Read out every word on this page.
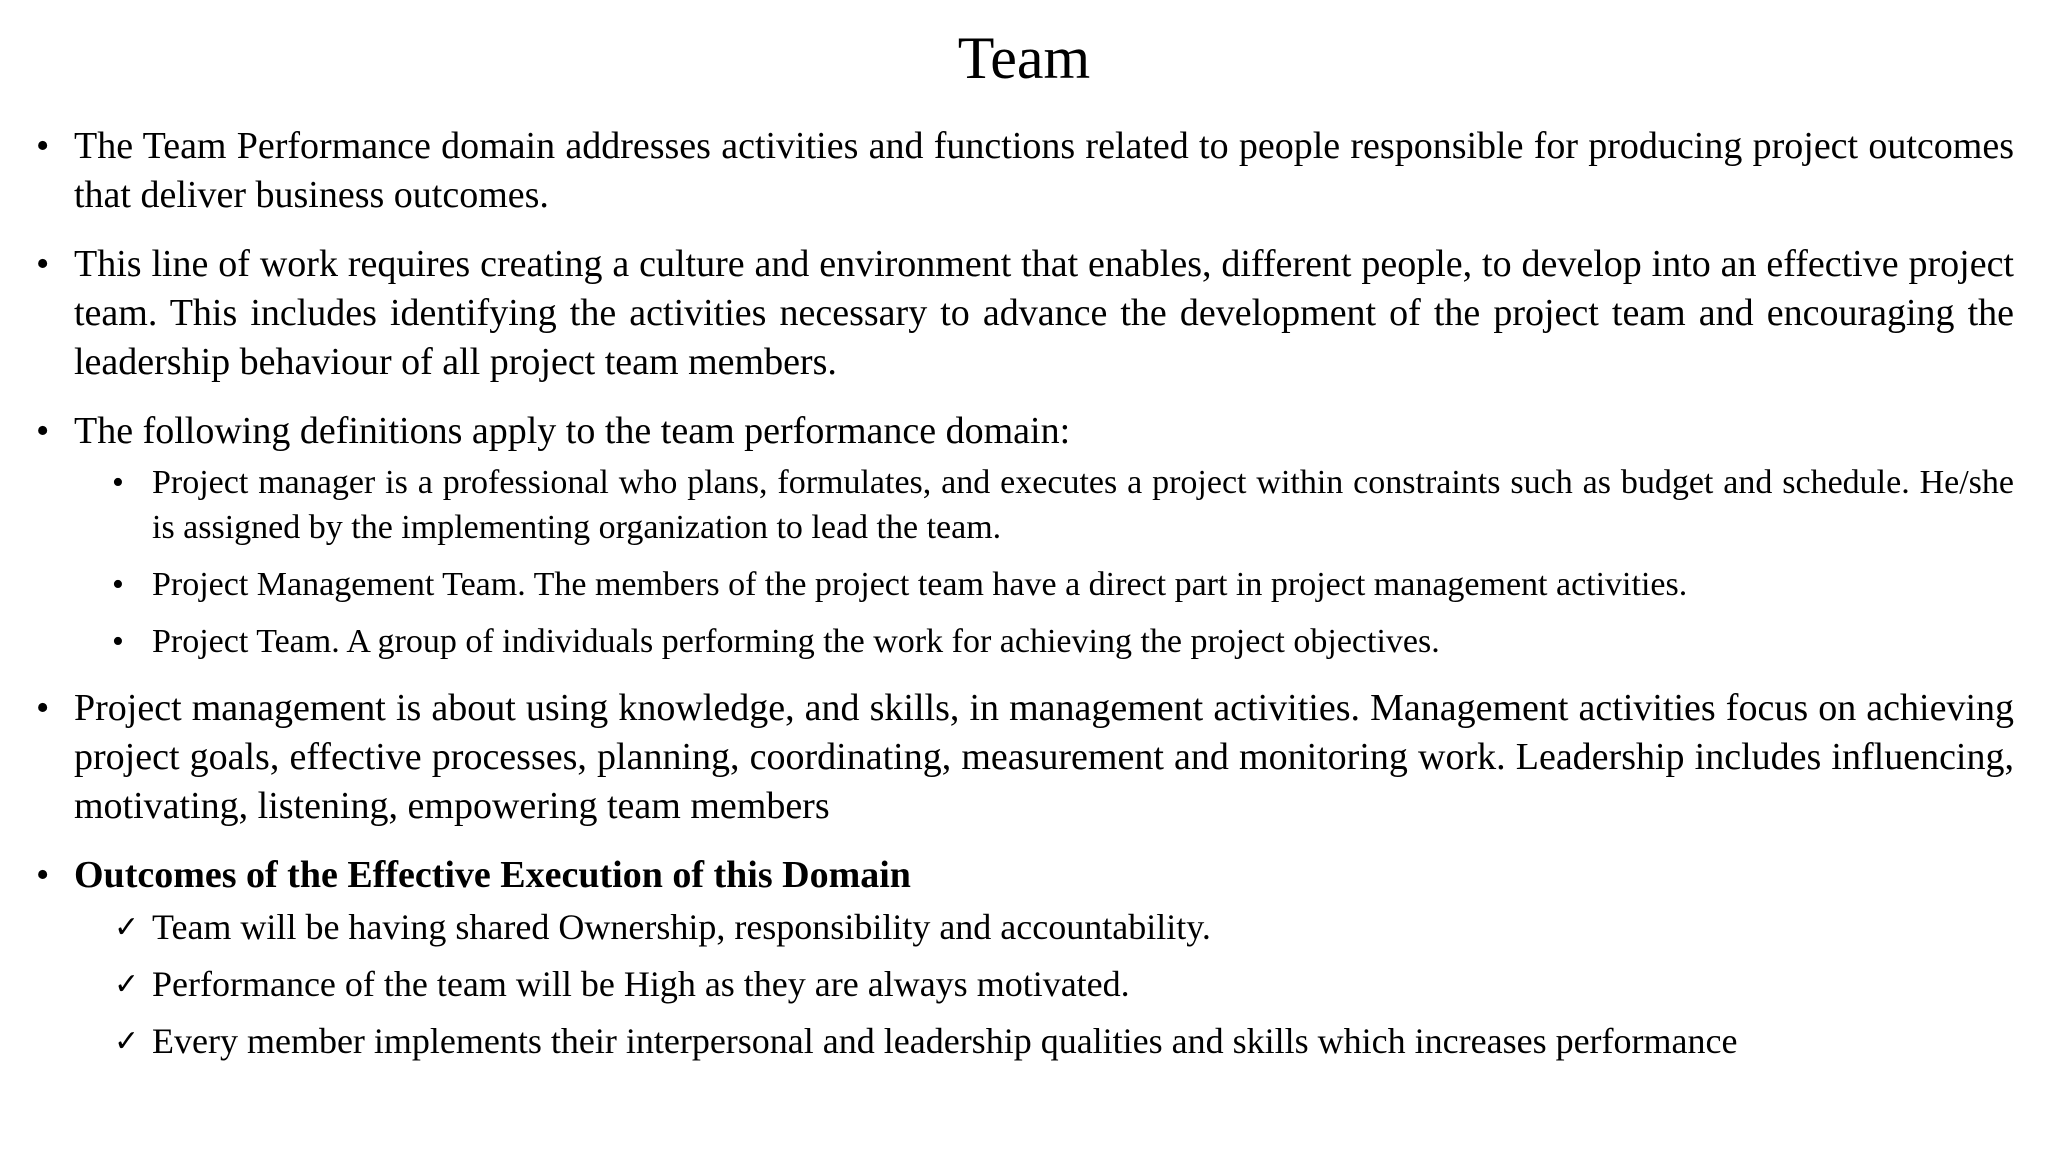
Team
• The Team Performance domain addresses activities and functions related to people responsible for producing project outcomes that deliver business outcomes.
• This line of work requires creating a culture and environment that enables, different people, to develop into an effective project team. This includes identifying the activities necessary to advance the development of the project team and encouraging the leadership behaviour of all project team members.
• The following definitions apply to the team performance domain:
• Project manager is a professional who plans, formulates, and executes a project within constraints such as budget and schedule. He/she is assigned by the implementing organization to lead the team.
• Project Management Team. The members of the project team have a direct part in project management activities.
• Project Team. A group of individuals performing the work for achieving the project objectives.
• Project management is about using knowledge, and skills, in management activities. Management activities focus on achieving project goals, effective processes, planning, coordinating, measurement and monitoring work. Leadership includes influencing, motivating, listening, empowering team members
• Outcomes of the Effective Execution of this Domain
✓ Team will be having shared Ownership, responsibility and accountability.
✓ Performance of the team will be High as they are always motivated.
✓ Every member implements their interpersonal and leadership qualities and skills which increases performance
